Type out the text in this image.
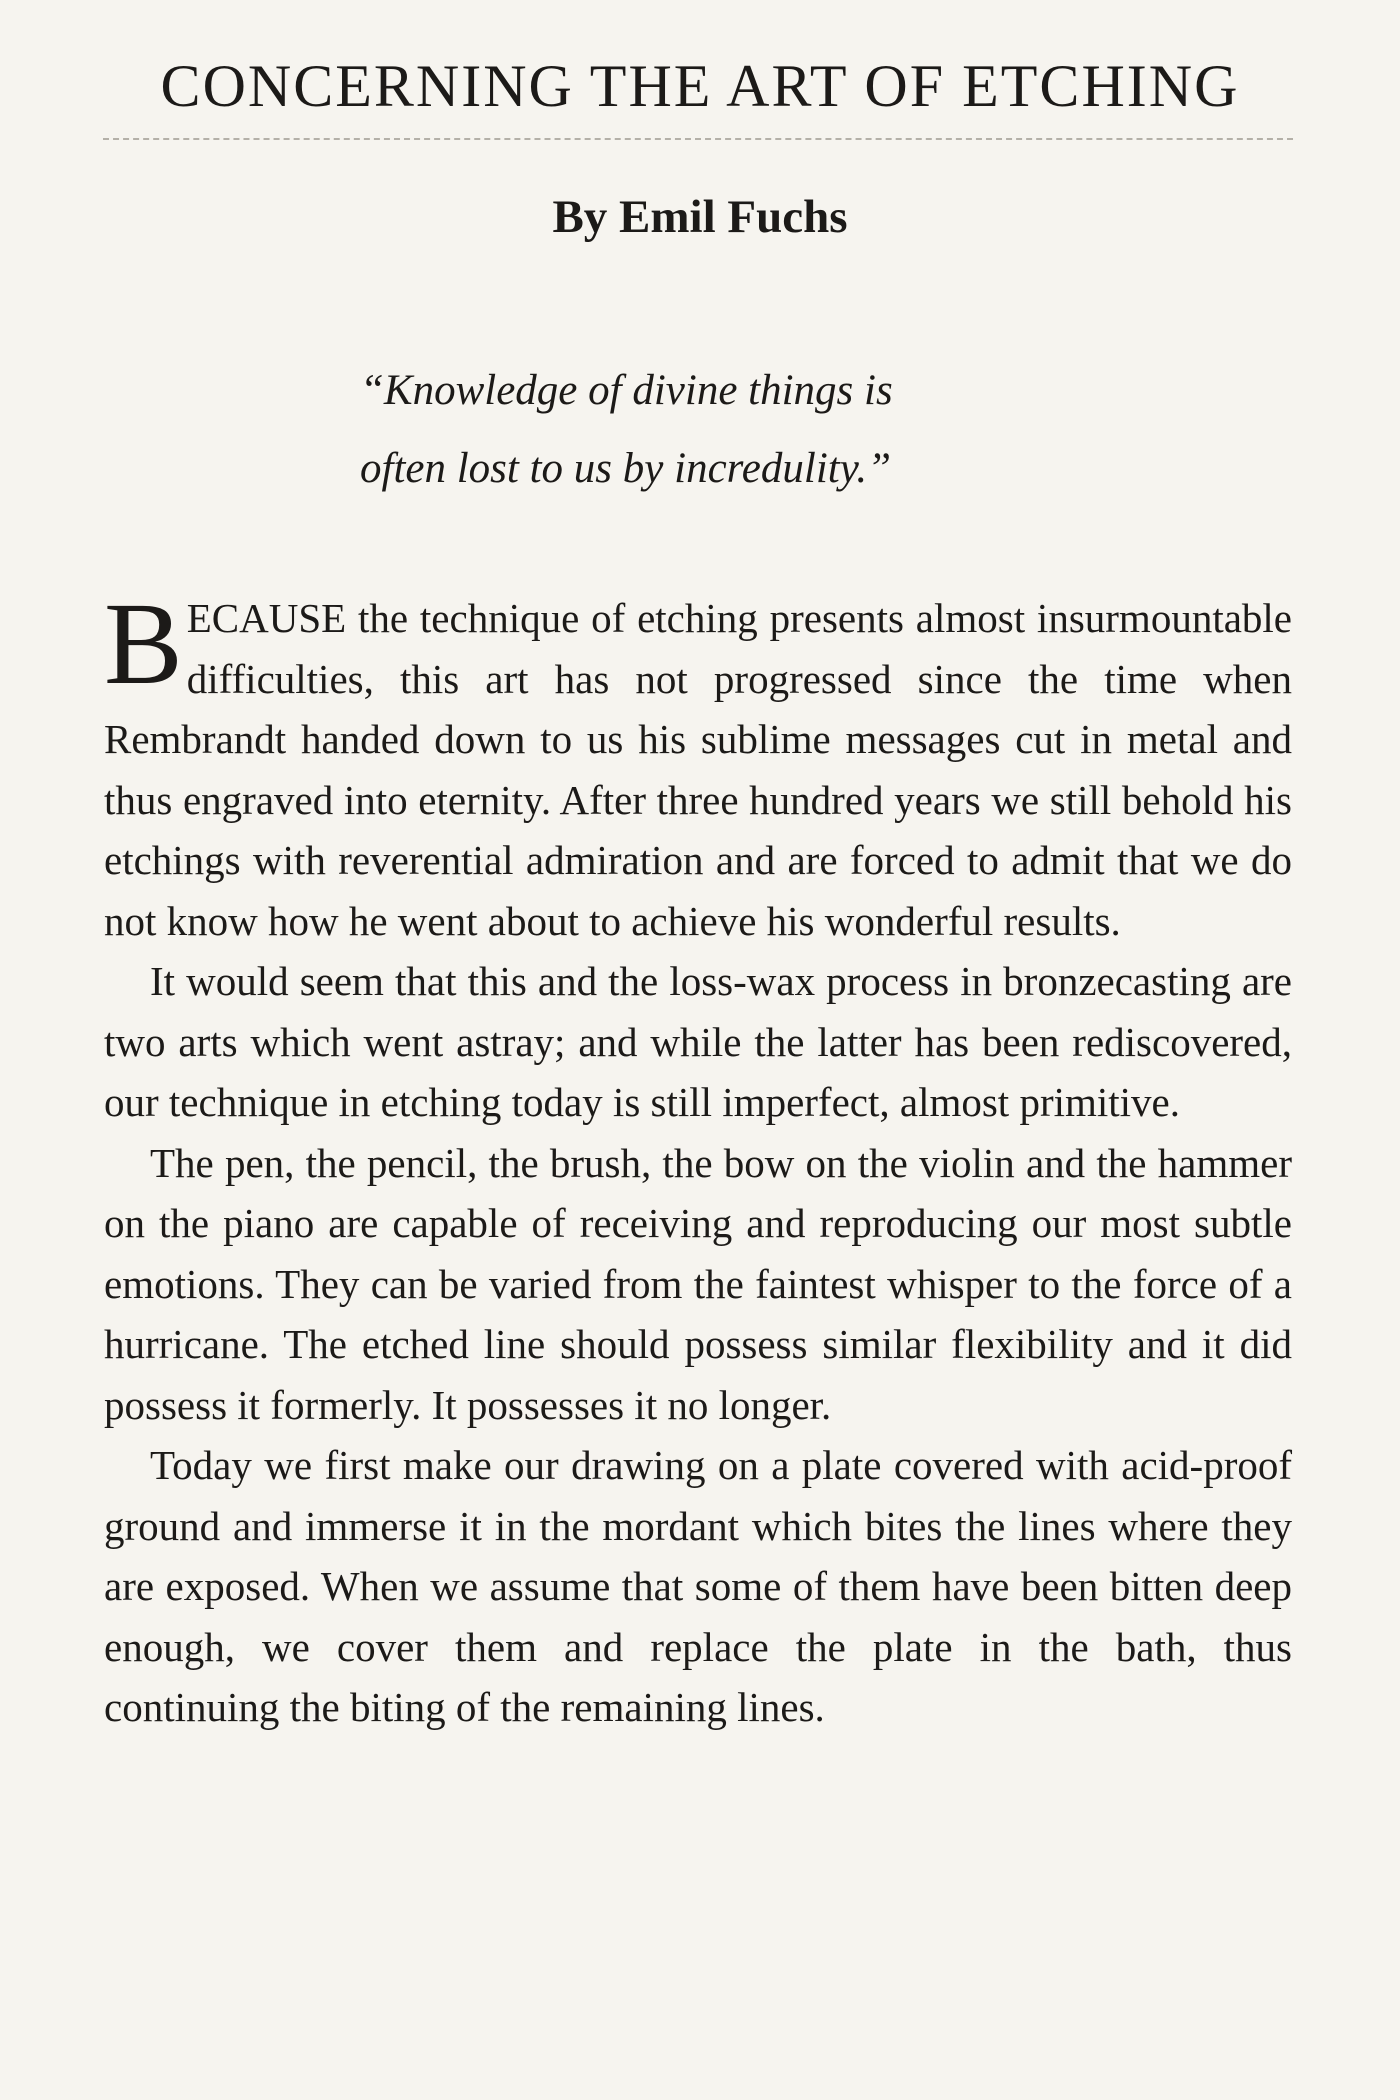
CONCERNING THE ART OF ETCHING
By Emil Fuchs

“Knowledge of divine things is
often lost to us by incredulity.”

BECAUSE the technique of etching presents almost insurmountable difficulties, this art has not progressed since the time when Rembrandt handed down to us his sublime messages cut in metal and thus engraved into eternity. After three hundred years we still behold his etchings with reverential admiration and are forced to admit that we do not know how he went about to achieve his wonderful results.

It would seem that this and the loss-wax process in bronzecasting are two arts which went astray; and while the latter has been rediscovered, our technique in etching today is still imperfect, almost primitive.

The pen, the pencil, the brush, the bow on the violin and the hammer on the piano are capable of receiving and reproducing our most subtle emotions. They can be varied from the faintest whisper to the force of a hurricane. The etched line should possess similar flexibility and it did possess it formerly. It possesses it no longer.

Today we first make our drawing on a plate covered with acid-proof ground and immerse it in the mordant which bites the lines where they are exposed. When we assume that some of them have been bitten deep enough, we cover them and replace the plate in the bath, thus continuing the biting of the remaining lines.
